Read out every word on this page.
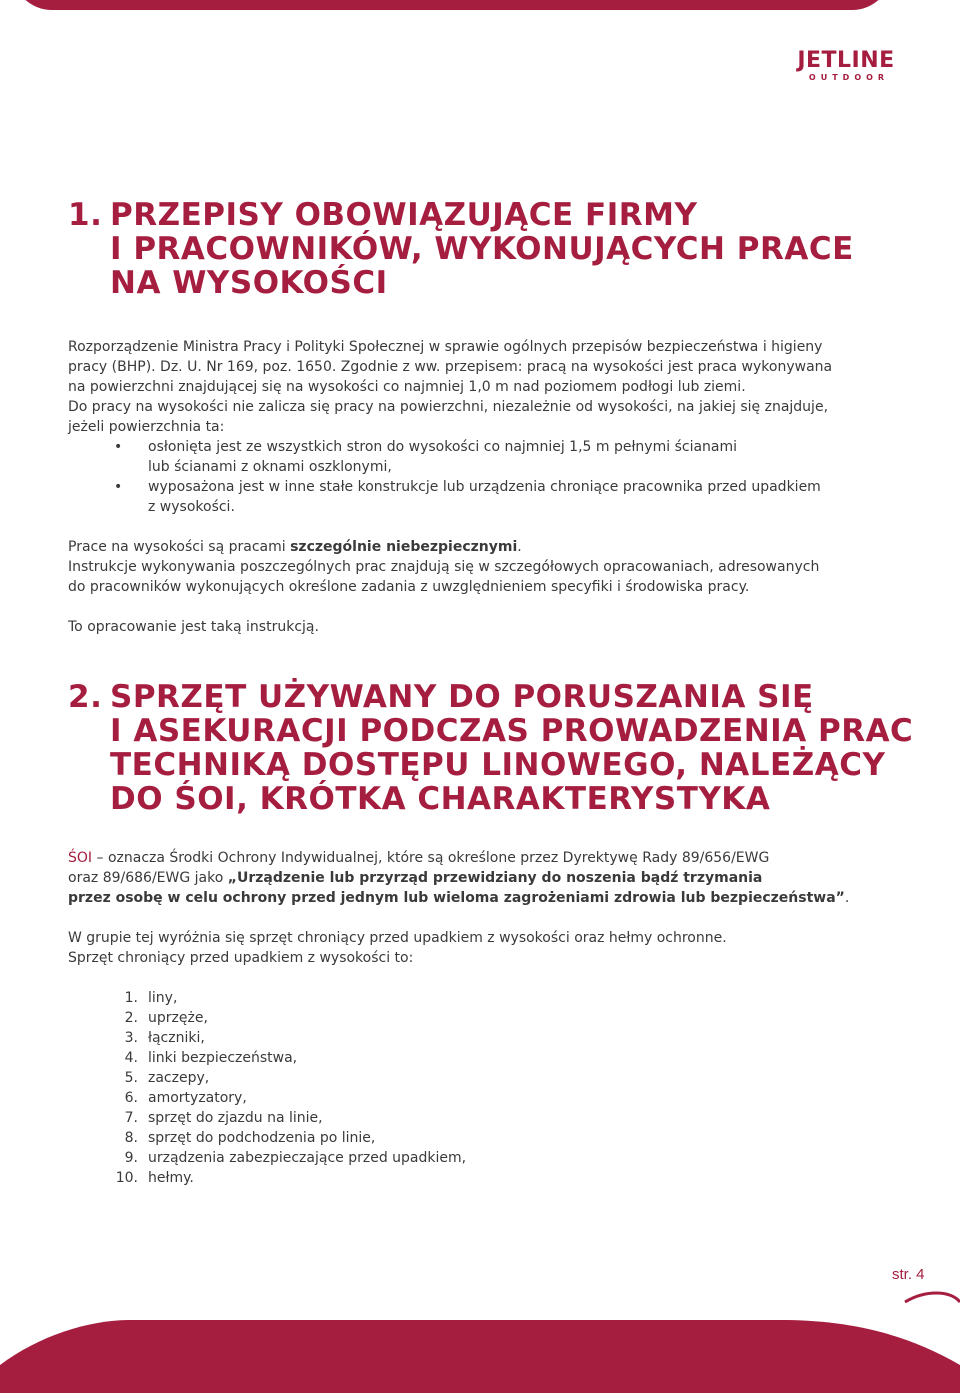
JETLINE
OUTDOOR
1. PRZEPISY OBOWIĄZUJĄCE FIRMY
I PRACOWNIKÓW, WYKONUJĄCYCH PRACE
NA WYSOKOŚCI

Rozporządzenie Ministra Pracy i Polityki Społecznej w sprawie ogólnych przepisów bezpieczeństwa i higieny

pracy (BHP). Dz. U. Nr 169, poz. 1650. Zgodnie z ww. przepisem: pracą na wysokości jest praca wykonywana

na powierzchni znajdującej się na wysokości co najmniej 1,0 m nad poziomem podłogi lub ziemi.

Do pracy na wysokości nie zalicza się pracy na powierzchni, niezależnie od wysokości, na jakiej się znajduje,

jeżeli powierzchnia ta:

• osłonięta jest ze wszystkich stron do wysokości co najmniej 1,5 m pełnymi ścianami
lub ścianami z oknami oszklonymi,
• wyposażona jest w inne stałe konstrukcje lub urządzenia chroniące pracownika przed upadkiem
z wysokości.

Prace na wysokości są pracami szczególnie niebezpiecznymi.

Instrukcje wykonywania poszczególnych prac znajdują się w szczegółowych opracowaniach, adresowanych

do pracowników wykonujących określone zadania z uwzględnieniem specyfiki i środowiska pracy.

To opracowanie jest taką instrukcją.

2. SPRZĘT UŻYWANY DO PORUSZANIA SIĘ
I ASEKURACJI PODCZAS PROWADZENIA PRAC
TECHNIKĄ DOSTĘPU LINOWEGO, NALEŻĄCY
DO ŚOI, KRÓTKA CHARAKTERYSTYKA

ŚOI – oznacza Środki Ochrony Indywidualnej, które są określone przez Dyrektywę Rady 89/656/EWG

oraz 89/686/EWG jako „Urządzenie lub przyrząd przewidziany do noszenia bądź trzymania

przez osobę w celu ochrony przed jednym lub wieloma zagrożeniami zdrowia lub bezpieczeństwa”.

W grupie tej wyróżnia się sprzęt chroniący przed upadkiem z wysokości oraz hełmy ochronne.

Sprzęt chroniący przed upadkiem z wysokości to:

1. liny,
2. uprzęże,
3. łączniki,
4. linki bezpieczeństwa,
5. zaczepy,
6. amortyzatory,
7. sprzęt do zjazdu na linie,
8. sprzęt do podchodzenia po linie,
9. urządzenia zabezpieczające przed upadkiem,
10. hełmy.
str. 4
